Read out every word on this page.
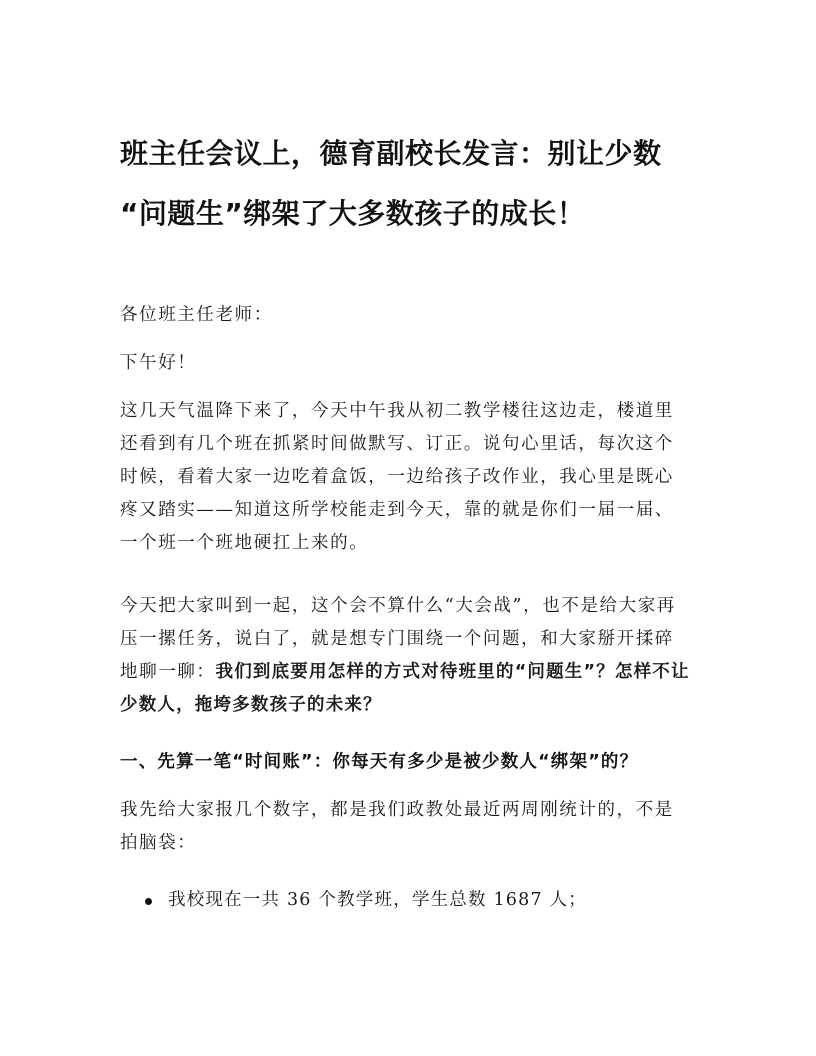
班主任会议上，德育副校长发言：别让少数
“问题生”绑架了大多数孩子的成长！

各位班主任老师：

下午好！

这几天气温降下来了，今天中午我从初二教学楼往这边走，楼道里还看到有几个班在抓紧时间做默写、订正。说句心里话，每次这个时候，看着大家一边吃着盒饭，一边给孩子改作业，我心里是既心疼又踏实——知道这所学校能走到今天，靠的就是你们一届一届、一个班一个班地硬扛上来的。

今天把大家叫到一起，这个会不算什么“大会战”，也不是给大家再压一摞任务，说白了，就是想专门围绕一个问题，和大家掰开揉碎地聊一聊：我们到底要用怎样的方式对待班里的“问题生”？怎样不让少数人，拖垮多数孩子的未来？

一、先算一笔“时间账”：你每天有多少是被少数人“绑架”的？

我先给大家报几个数字，都是我们政教处最近两周刚统计的，不是拍脑袋：

我校现在一共 36 个教学班，学生总数 1687 人；
